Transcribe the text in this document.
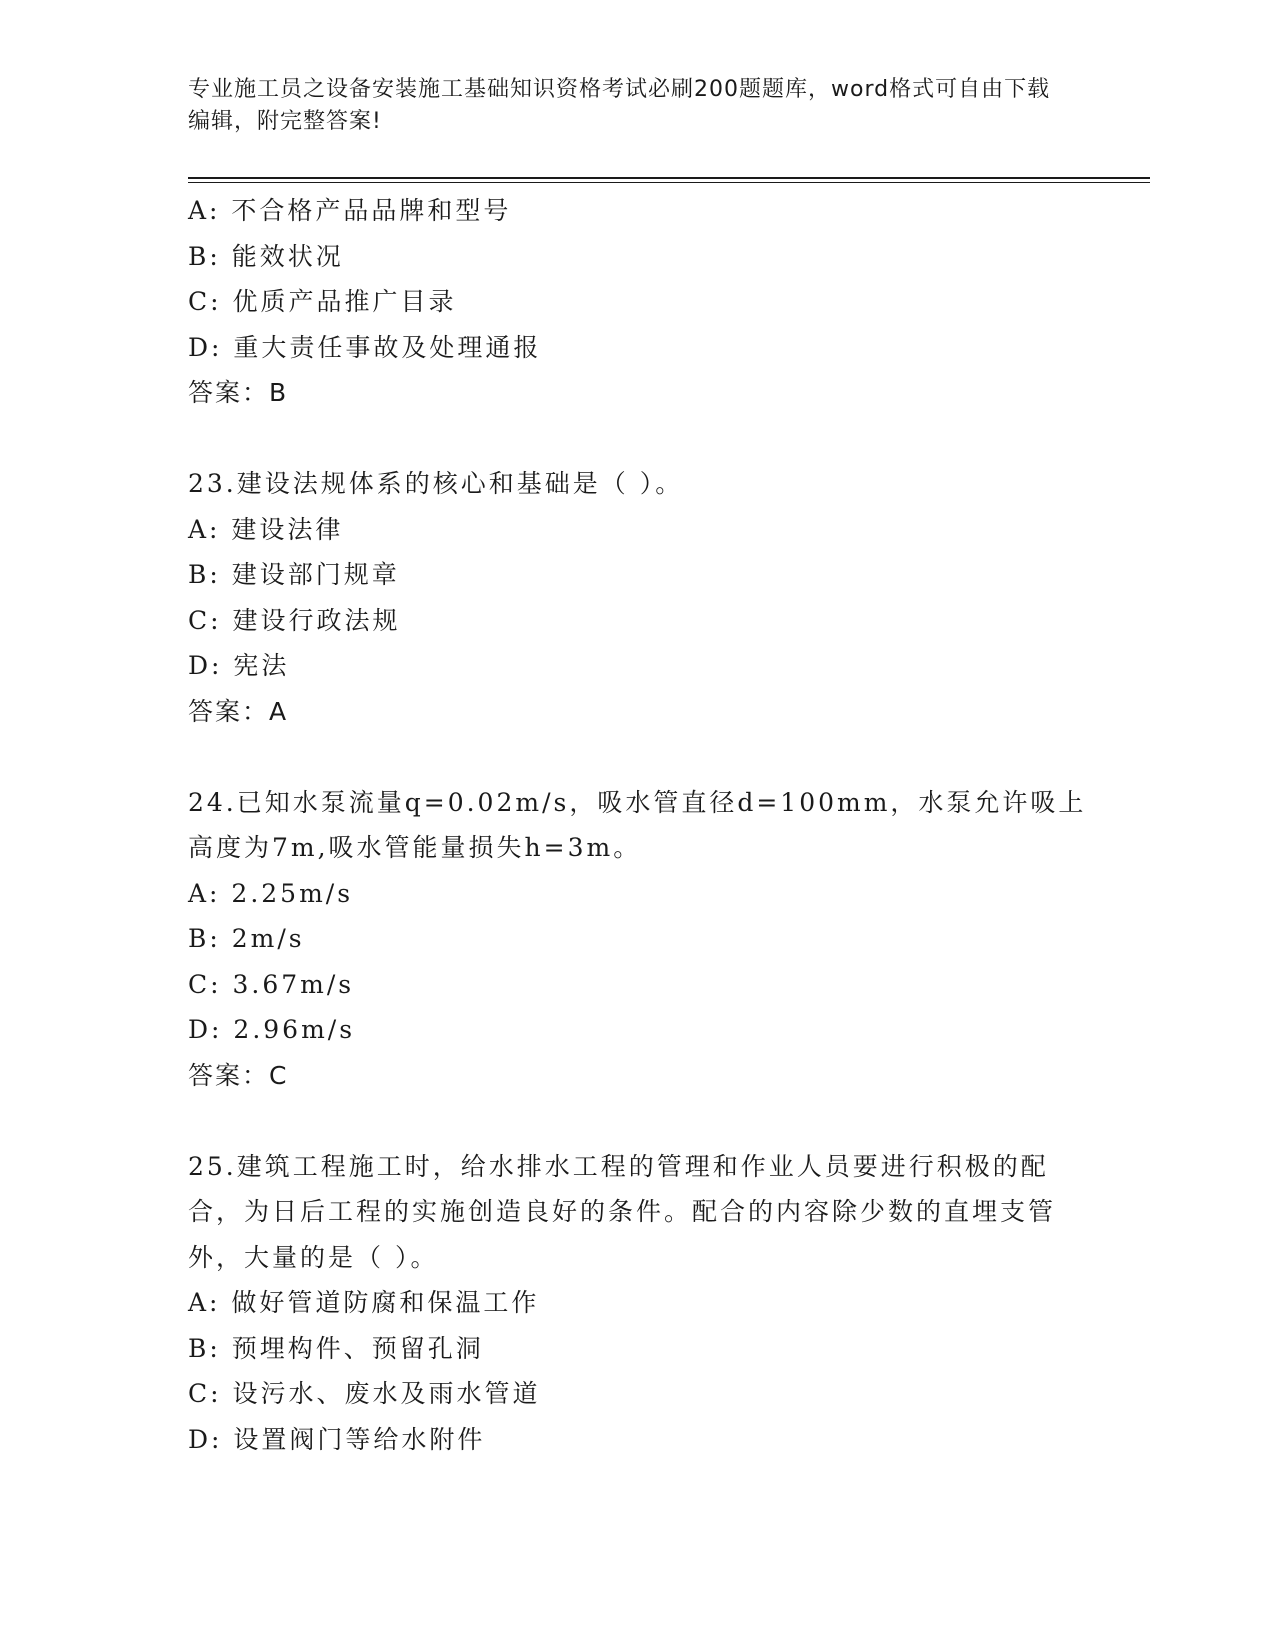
专业施工员之设备安装施工基础知识资格考试必刷200题题库，word格式可自由下载编辑，附完整答案!
A: 不合格产品品牌和型号
B: 能效状况
C: 优质产品推广目录
D: 重大责任事故及处理通报
答案：B
23.建设法规体系的核心和基础是（ ）。
A: 建设法律
B: 建设部门规章
C: 建设行政法规
D: 宪法
答案：A
24.已知水泵流量q=0.02m/s，吸水管直径d=100mm，水泵允许吸上高度为7m,吸水管能量损失h=3m。
A: 2.25m/s
B: 2m/s
C: 3.67m/s
D: 2.96m/s
答案：C
25.建筑工程施工时，给水排水工程的管理和作业人员要进行积极的配合，为日后工程的实施创造良好的条件。配合的内容除少数的直埋支管外，大量的是（ ）。
A: 做好管道防腐和保温工作
B: 预埋构件、预留孔洞
C: 设污水、废水及雨水管道
D: 设置阀门等给水附件
